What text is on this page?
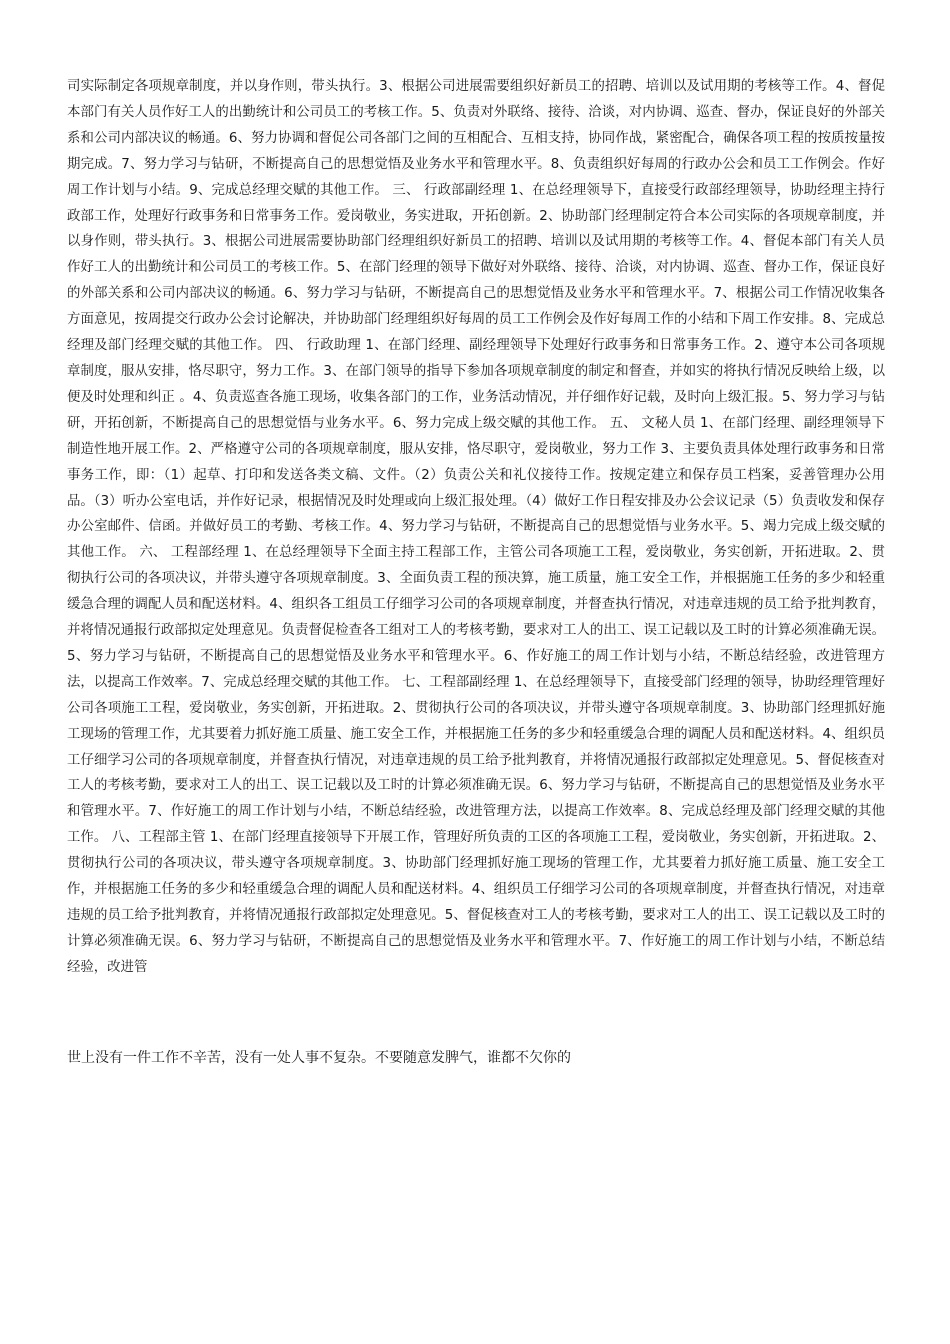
司实际制定各项规章制度，并以身作则，带头执行。3、根据公司进展需要组织好新员工的招聘、培训以及试用期的考核等工作。4、督促本部门有关人员作好工人的出勤统计和公司员工的考核工作。5、负责对外联络、接待、洽谈，对内协调、巡查、督办，保证良好的外部关系和公司内部决议的畅通。6、努力协调和督促公司各部门之间的互相配合、互相支持，协同作战，紧密配合，确保各项工程的按质按量按期完成。7、努力学习与钻研，不断提高自己的思想觉悟及业务水平和管理水平。8、负责组织好每周的行政办公会和员工工作例会。作好周工作计划与小结。9、完成总经理交赋的其他工作。 三、 行政部副经理 1、在总经理领导下，直接受行政部经理领导，协助经理主持行政部工作，处理好行政事务和日常事务工作。爱岗敬业，务实进取，开拓创新。2、协助部门经理制定符合本公司实际的各项规章制度，并以身作则，带头执行。3、根据公司进展需要协助部门经理组织好新员工的招聘、培训以及试用期的考核等工作。4、督促本部门有关人员作好工人的出勤统计和公司员工的考核工作。5、在部门经理的领导下做好对外联络、接待、洽谈，对内协调、巡查、督办工作，保证良好的外部关系和公司内部决议的畅通。6、努力学习与钻研，不断提高自己的思想觉悟及业务水平和管理水平。7、根据公司工作情况收集各方面意见，按周提交行政办公会讨论解决，并协助部门经理组织好每周的员工工作例会及作好每周工作的小结和下周工作安排。8、完成总经理及部门经理交赋的其他工作。 四、 行政助理 1、在部门经理、副经理领导下处理好行政事务和日常事务工作。2、遵守本公司各项规章制度，服从安排，恪尽职守，努力工作。3、在部门领导的指导下参加各项规章制度的制定和督查，并如实的将执行情况反映给上级，以便及时处理和纠正 。4、负责巡查各施工现场，收集各部门的工作，业务活动情况，并仔细作好记载，及时向上级汇报。5、努力学习与钻研，开拓创新，不断提高自己的思想觉悟与业务水平。6、努力完成上级交赋的其他工作。 五、 文秘人员 1、在部门经理、副经理领导下制造性地开展工作。2、严格遵守公司的各项规章制度，服从安排，恪尽职守，爱岗敬业，努力工作 3、主要负责具体处理行政事务和日常事务工作，即：（1）起草、打印和发送各类文稿、文件。（2）负责公关和礼仪接待工作。按规定建立和保存员工档案，妥善管理办公用品。（3）听办公室电话，并作好记录，根据情况及时处理或向上级汇报处理。（4）做好工作日程安排及办公会议记录（5）负责收发和保存办公室邮件、信函。并做好员工的考勤、考核工作。4、努力学习与钻研，不断提高自己的思想觉悟与业务水平。5、竭力完成上级交赋的其他工作。 六、 工程部经理 1、在总经理领导下全面主持工程部工作，主管公司各项施工工程，爱岗敬业，务实创新，开拓进取。2、贯彻执行公司的各项决议，并带头遵守各项规章制度。3、全面负责工程的预决算，施工质量，施工安全工作，并根据施工任务的多少和轻重缓急合理的调配人员和配送材料。4、组织各工组员工仔细学习公司的各项规章制度，并督查执行情况，对违章违规的员工给予批判教育，并将情况通报行政部拟定处理意见。负责督促检查各工组对工人的考核考勤，要求对工人的出工、误工记载以及工时的计算必须准确无误。5、努力学习与钻研，不断提高自己的思想觉悟及业务水平和管理水平。6、作好施工的周工作计划与小结，不断总结经验，改进管理方法，以提高工作效率。7、完成总经理交赋的其他工作。 七、工程部副经理 1、在总经理领导下，直接受部门经理的领导，协助经理管理好公司各项施工工程，爱岗敬业，务实创新，开拓进取。2、贯彻执行公司的各项决议，并带头遵守各项规章制度。3、协助部门经理抓好施工现场的管理工作，尤其要着力抓好施工质量、施工安全工作，并根据施工任务的多少和轻重缓急合理的调配人员和配送材料。4、组织员工仔细学习公司的各项规章制度，并督查执行情况，对违章违规的员工给予批判教育，并将情况通报行政部拟定处理意见。5、督促核查对工人的考核考勤，要求对工人的出工、误工记载以及工时的计算必须准确无误。6、努力学习与钻研，不断提高自己的思想觉悟及业务水平和管理水平。7、作好施工的周工作计划与小结，不断总结经验，改进管理方法，以提高工作效率。8、完成总经理及部门经理交赋的其他工作。 八、工程部主管 1、在部门经理直接领导下开展工作，管理好所负责的工区的各项施工工程，爱岗敬业，务实创新，开拓进取。2、贯彻执行公司的各项决议，带头遵守各项规章制度。3、协助部门经理抓好施工现场的管理工作，尤其要着力抓好施工质量、施工安全工作，并根据施工任务的多少和轻重缓急合理的调配人员和配送材料。4、组织员工仔细学习公司的各项规章制度，并督查执行情况，对违章违规的员工给予批判教育，并将情况通报行政部拟定处理意见。5、督促核查对工人的考核考勤，要求对工人的出工、误工记载以及工时的计算必须准确无误。6、努力学习与钻研，不断提高自己的思想觉悟及业务水平和管理水平。7、作好施工的周工作计划与小结，不断总结经验，改进管

世上没有一件工作不辛苦，没有一处人事不复杂。不要随意发脾气，谁都不欠你的
